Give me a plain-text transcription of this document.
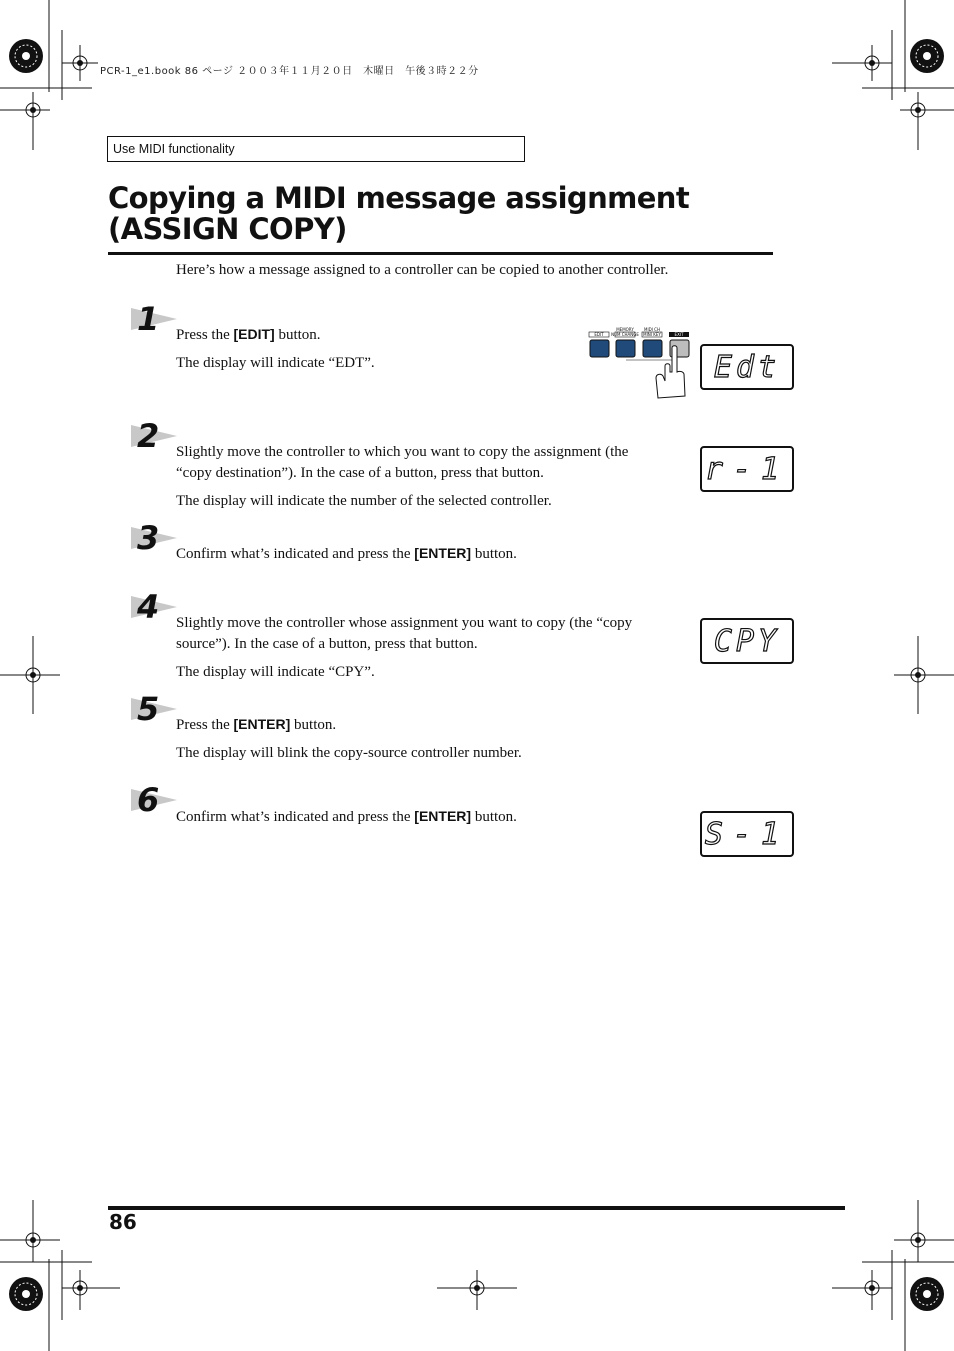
PCR-1_e1.book 86 ページ ２００３年１１月２０日　木曜日　午後３時２２分
Use MIDI functionality
Copying a MIDI message assignment
(ASSIGN COPY)
Here’s how a message assigned to a controller can be copied to another controller.
1
2
3
4
5
6

Press the [EDIT] button.

The display will indicate “EDT”.

Slightly move the controller to which you want to copy the assignment (the “copy destination”). In the case of a button, press that button.

The display will indicate the number of the selected controller.

Confirm what’s indicated and press the [ENTER] button.

Slightly move the controller whose assignment you want to copy (the “copy source”). In the case of a button, press that button.

The display will indicate “CPY”.

Press the [ENTER] button.

The display will blink the copy-source controller number.

Confirm what’s indicated and press the [ENTER] button.

EDIT
MEMORY
NUM CHANGE
MIDI CH
MINI KEY	EXIT
Edt
r-1
CPY
S-1
86
